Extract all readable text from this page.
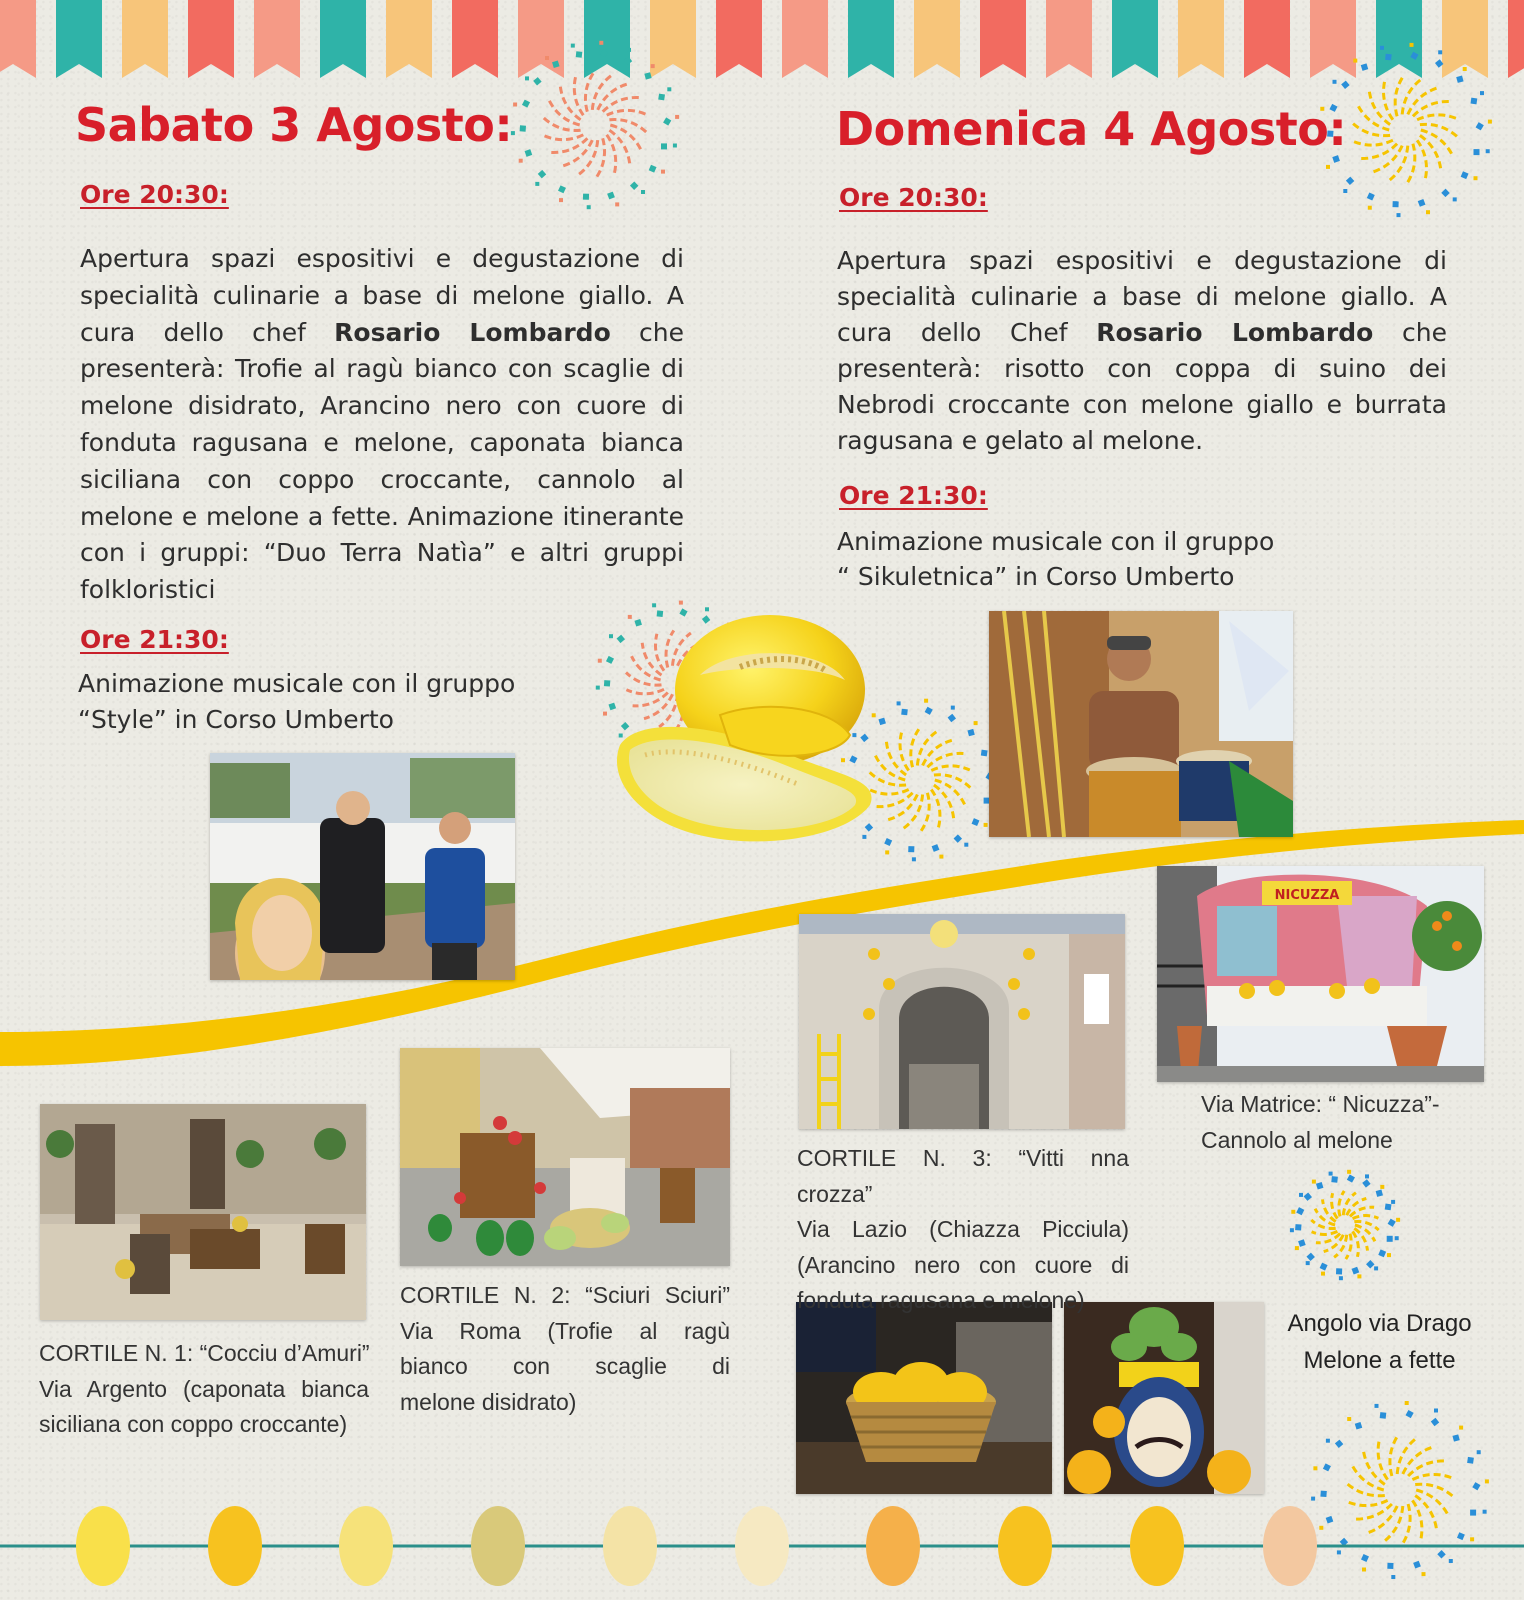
Sabato 3 Agosto:
Ore 20:30:
Apertura spazi espositivi e degustazione di specialità culinarie a base di melone giallo. A cura dello chef Rosario Lombardo che presenterà: Trofie al ragù bianco con scaglie di melone disidrato, Arancino nero con cuore di fonduta ragusana e melone, caponata bianca siciliana con coppo croccante, cannolo al melone e melone a fette. Animazione itinerante con i gruppi: “Duo Terra Natìa” e altri gruppi folkloristici
Ore 21:30:
Animazione musicale con il gruppo
“Style” in Corso Umberto
Domenica 4 Agosto:
Ore 20:30:
Apertura spazi espositivi e degustazione di specialità culinarie a base di melone giallo. A cura dello Chef Rosario Lombardo che presenterà: risotto con coppa di suino dei Nebrodi croccante con melone giallo e burrata ragusana e gelato al melone.
Ore 21:30:
Animazione musicale con il gruppo
“ Sikuletnica” in Corso Umberto
NICUZZA
CORTILE N. 1: “Cocciu d’Amuri”
Via Argento (caponata bianca
siciliana con coppo croccante)
CORTILE N. 2: “Sciuri Sciuri”
Via Roma (Trofie al ragù
bianco con scaglie di
melone disidrato)
CORTILE N. 3: “Vitti nna crozza”
Via Lazio (Chiazza Picciula)
(Arancino nero con cuore di
fonduta ragusana e melone)
Via Matrice: “ Nicuzza”-
Cannolo al melone
Angolo via Drago
Melone a fette
